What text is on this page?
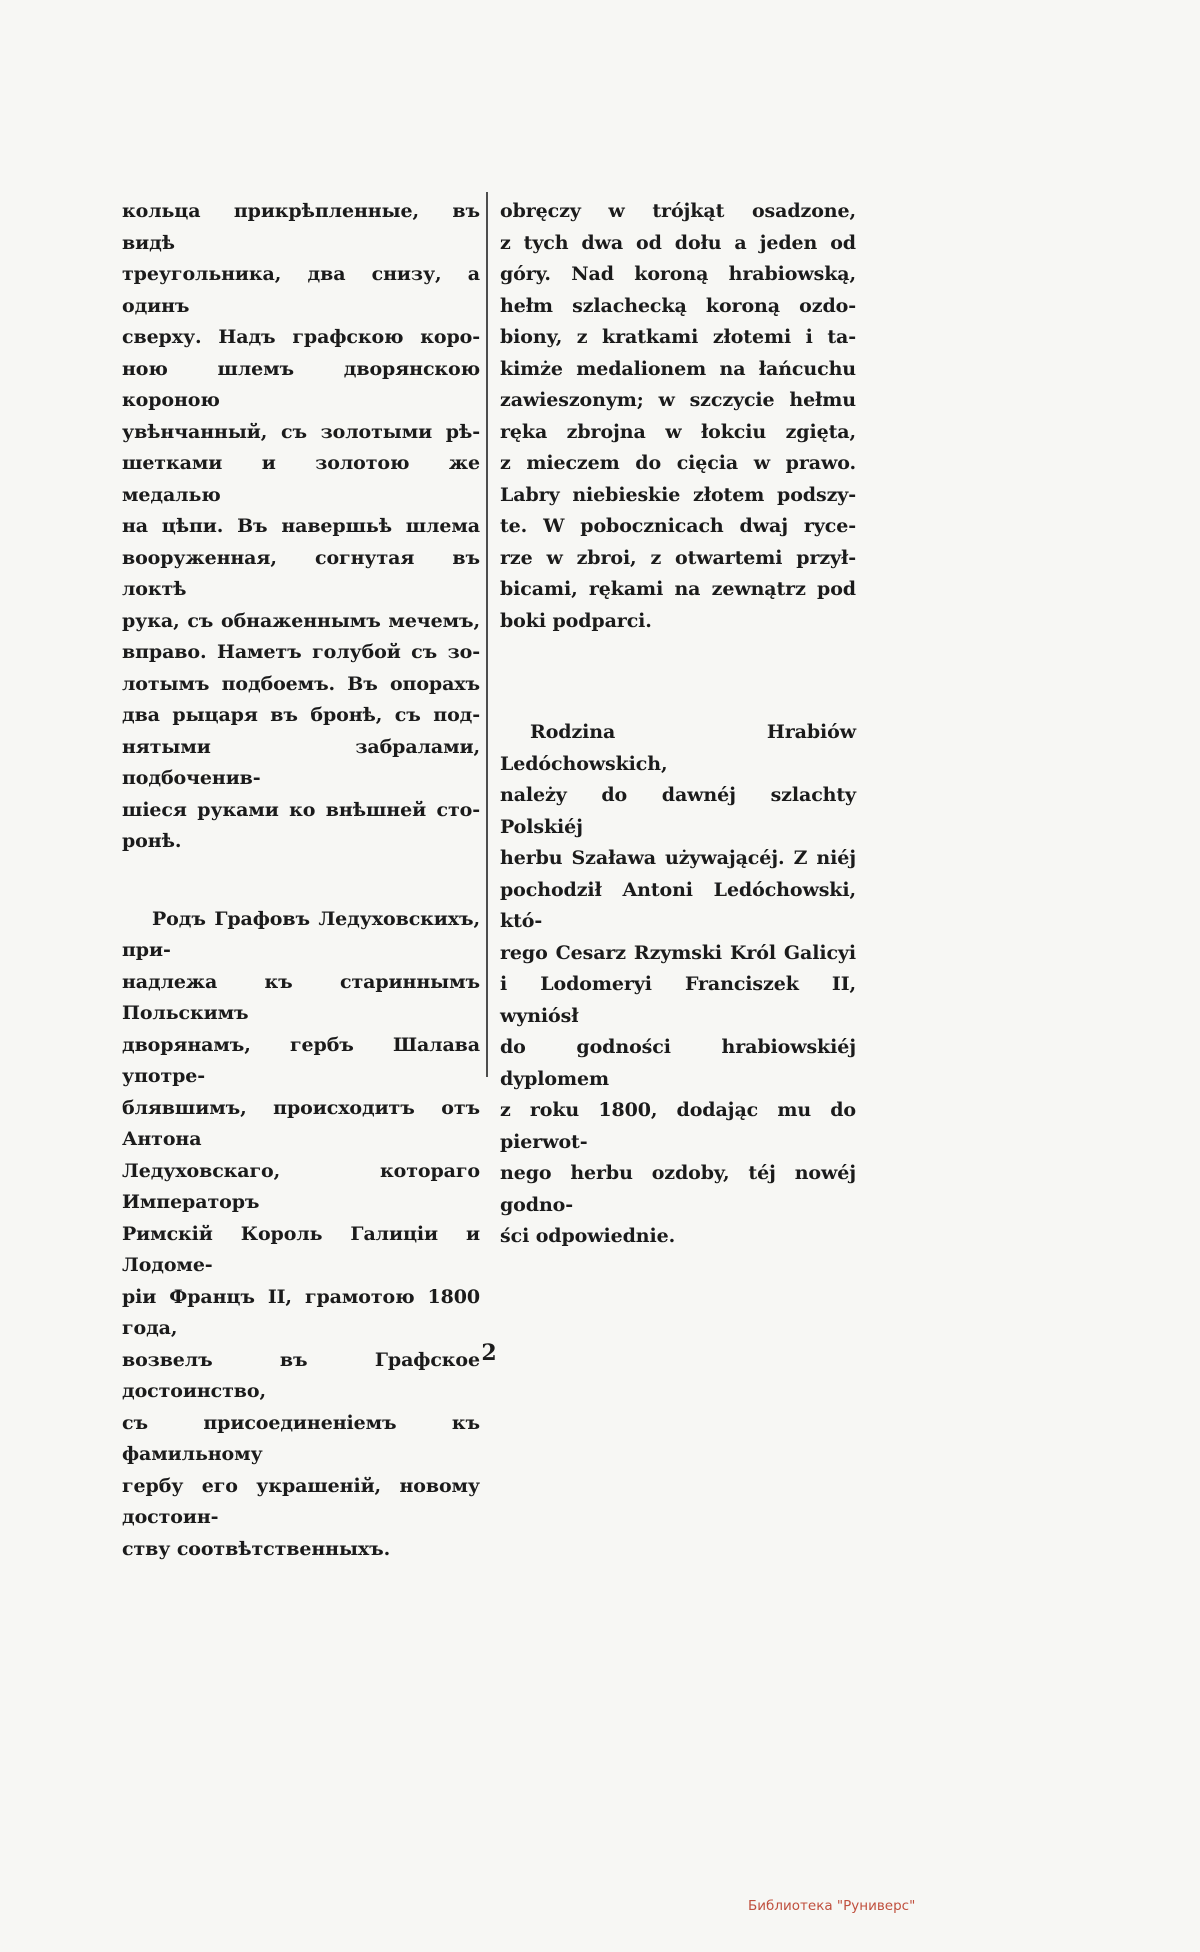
кольца прикрѣпленные, въ видѣ
треугольника, два снизу, а одинъ
сверху. Надъ графскою коро-
ною шлемъ дворянскою короною
увѣнчанный, съ золотыми рѣ-
шетками и золотою же медалью
на цѣпи. Въ навершьѣ шлема
вооруженная, согнутая въ локтѣ
рука, съ обнаженнымъ мечемъ,
вправо. Наметъ голубой съ зо-
лотымъ подбоемъ. Въ опорахъ
два рыцаря въ бронѣ, съ под-
нятыми забралами, подбоченив-
шіеся руками ко внѣшней сто-
ронѣ.
Родъ Графовъ Ледуховскихъ, при-
надлежа къ стариннымъ Польскимъ
дворянамъ, гербъ Шалава употре-
блявшимъ, происходитъ отъ Антона
Ледуховскаго, котораго Императоръ
Римскій Король Галиціи и Лодоме-
ріи Францъ II, грамотою 1800 года,
возвелъ въ Графское достоинство,
съ присоединеніемъ къ фамильному
гербу его украшеній, новому достоин-
ству соотвѣтственныхъ.
obręczy w trójkąt osadzone,
z tych dwa od dołu a jeden od
góry. Nad koroną hrabiowską,
hełm szlachecką koroną ozdo-
biony, z kratkami złotemi i ta-
kimże medalionem na łańcuchu
zawieszonym; w szczycie hełmu
ręka zbrojna w łokciu zgięta,
z mieczem do cięcia w prawo.
Labry niebieskie złotem podszy-
te. W pobocznicach dwaj ryce-
rze w zbroi, z otwartemi przył-
bicami, rękami na zewnątrz pod
boki podparci.
Rodzina Hrabiów Ledóchowskich,
należy do dawnéj szlachty Polskiéj
herbu Szaława używającéj. Z niéj
pochodził Antoni Ledóchowski, któ-
rego Cesarz Rzymski Król Galicyi
i Lodomeryi Franciszek II, wyniósł
do godności hrabiowskiéj dyplomem
z roku 1800, dodając mu do pierwot-
nego herbu ozdoby, téj nowéj godno-
ści odpowiednie.
2
Библиотека "Руниверс"
